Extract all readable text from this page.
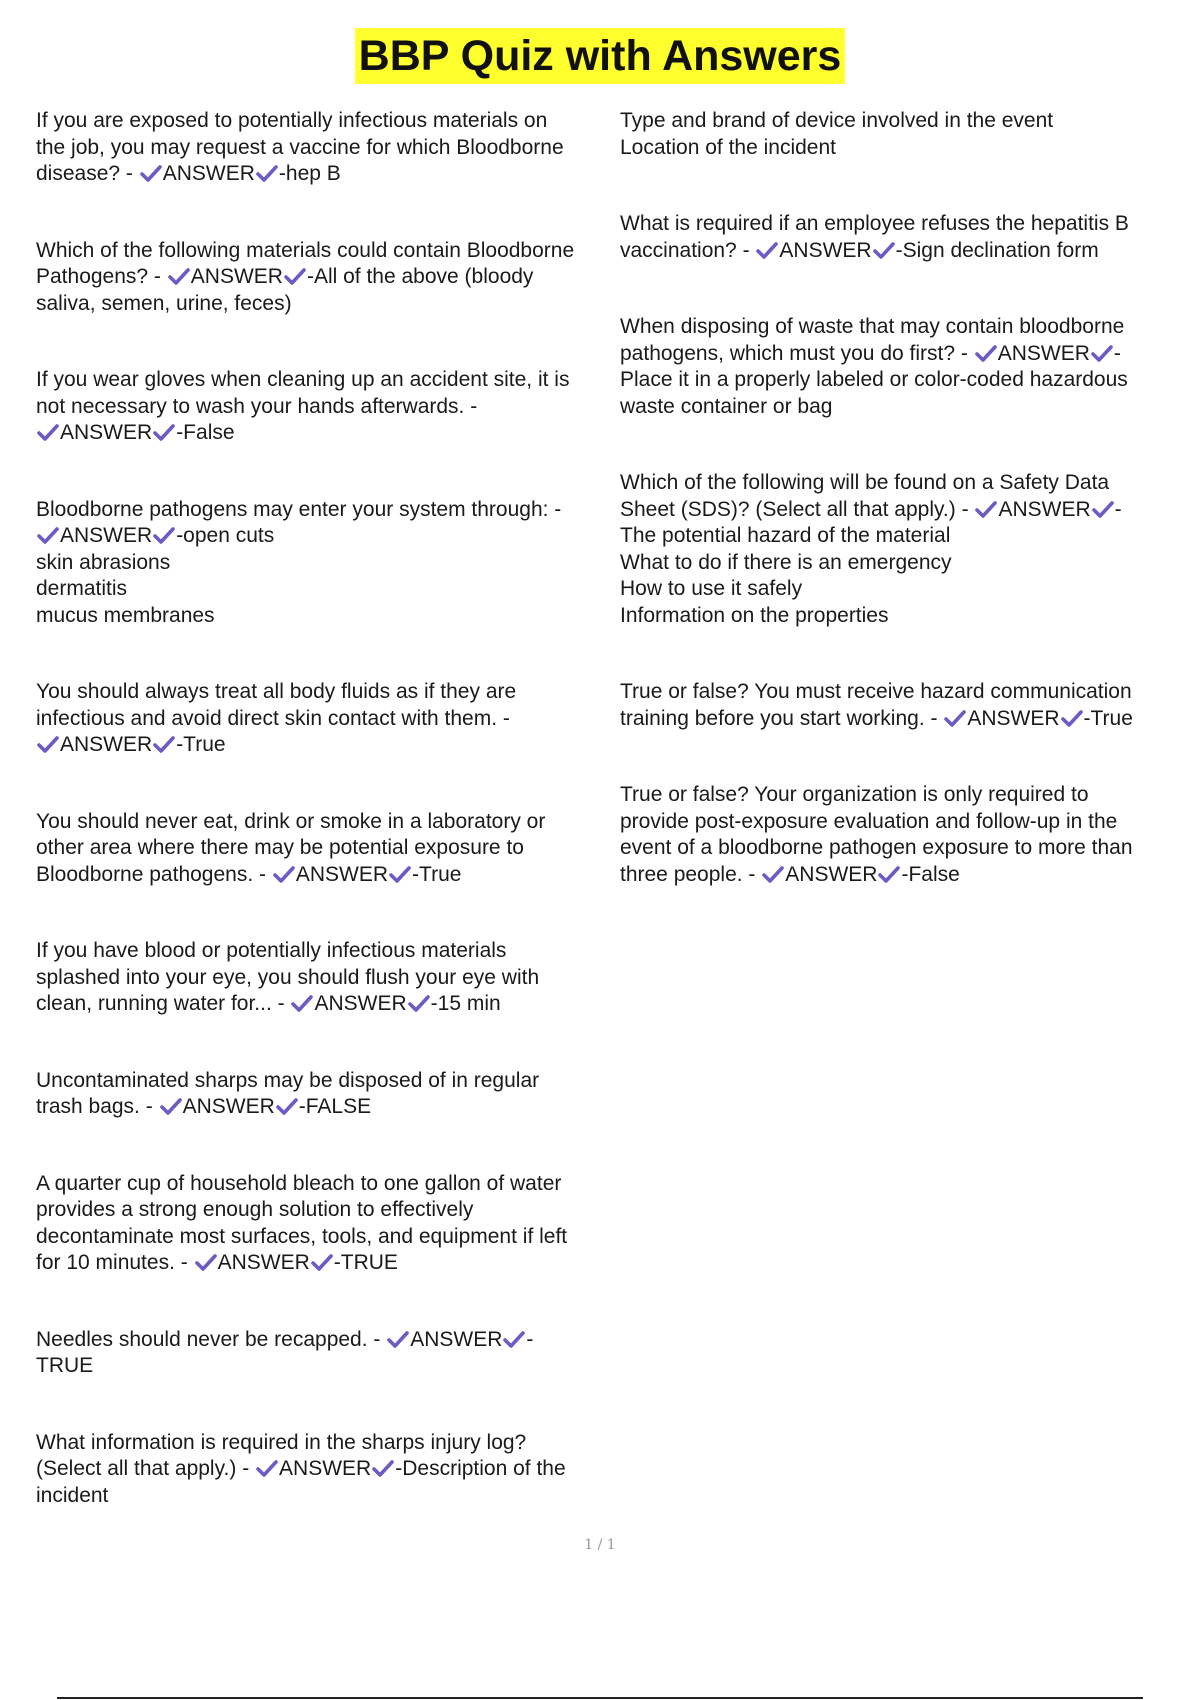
BBP Quiz with Answers
If you are exposed to potentially infectious materials on
the job, you may request a vaccine for which Bloodborne
disease? - ANSWER -hep B
Which of the following materials could contain Bloodborne
Pathogens? - ANSWER -All of the above (bloody
saliva, semen, urine, feces)
If you wear gloves when cleaning up an accident site, it is
not necessary to wash your hands afterwards. -
ANSWER -False
Bloodborne pathogens may enter your system through: -
ANSWER -open cuts
skin abrasions
dermatitis
mucus membranes
You should always treat all body fluids as if they are
infectious and avoid direct skin contact with them. -
ANSWER -True
You should never eat, drink or smoke in a laboratory or
other area where there may be potential exposure to
Bloodborne pathogens. - ANSWER -True
If you have blood or potentially infectious materials
splashed into your eye, you should flush your eye with
clean, running water for... - ANSWER -15 min
Uncontaminated sharps may be disposed of in regular
trash bags. - ANSWER -FALSE
A quarter cup of household bleach to one gallon of water
provides a strong enough solution to effectively
decontaminate most surfaces, tools, and equipment if left
for 10 minutes. - ANSWER -TRUE
Needles should never be recapped. - ANSWER -
TRUE
What information is required in the sharps injury log?
(Select all that apply.) - ANSWER -Description of the
incident
Type and brand of device involved in the event
Location of the incident
What is required if an employee refuses the hepatitis B
vaccination? - ANSWER -Sign declination form
When disposing of waste that may contain bloodborne
pathogens, which must you do first? - ANSWER -
Place it in a properly labeled or color-coded hazardous
waste container or bag
Which of the following will be found on a Safety Data
Sheet (SDS)? (Select all that apply.) - ANSWER -
The potential hazard of the material
What to do if there is an emergency
How to use it safely
Information on the properties
True or false? You must receive hazard communication
training before you start working. - ANSWER -True
True or false? Your organization is only required to
provide post-exposure evaluation and follow-up in the
event of a bloodborne pathogen exposure to more than
three people. - ANSWER -False
1 / 1
